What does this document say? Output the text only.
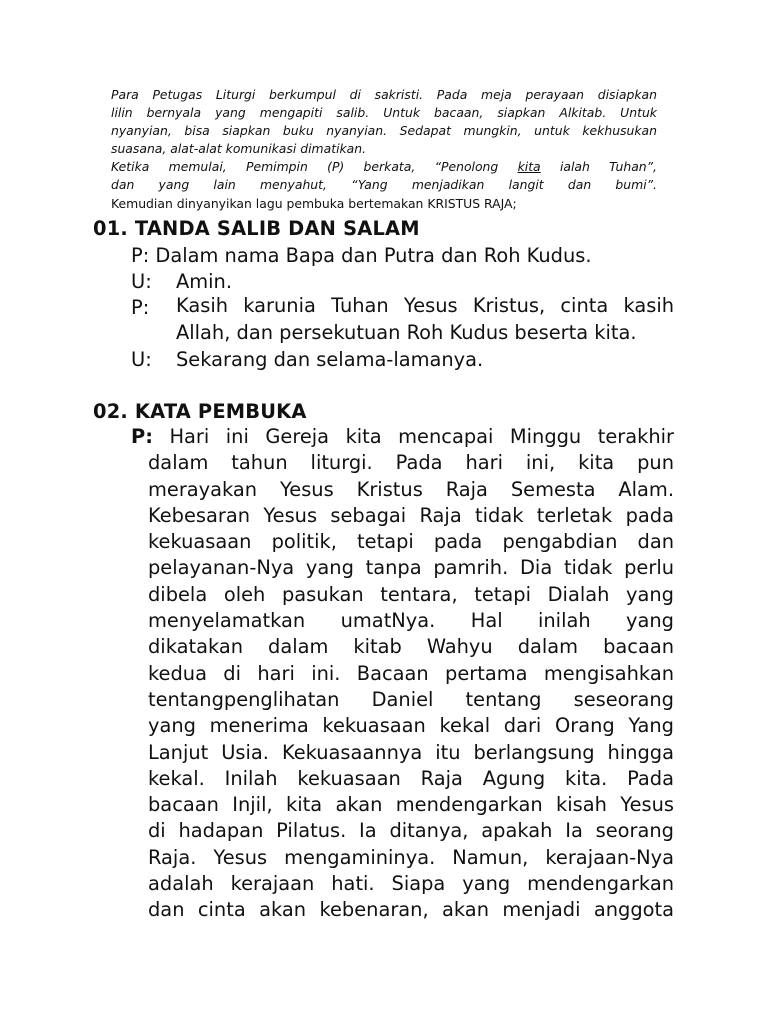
Para Petugas Liturgi berkumpul di sakristi. Pada meja perayaan disiapkan

lilin bernyala yang mengapiti salib. Untuk bacaan, siapkan Alkitab. Untuk

nyanyian, bisa siapkan buku nyanyian. Sedapat mungkin, untuk kekhusukan

suasana, alat-alat komunikasi dimatikan.

Ketika memulai, Pemimpin (P) berkata, “Penolong kita ialah Tuhan”,

dan yang lain menyahut, “Yang menjadikan langit dan bumi”.

Kemudian dinyanyikan lagu pembuka bertemakan KRISTUS RAJA;

01. TANDA SALIB DAN SALAM
P: Dalam nama Bapa dan Putra dan Roh Kudus.
U: Amin.
P: Kasih karunia Tuhan Yesus Kristus, cinta kasih
Allah, dan persekutuan Roh Kudus beserta kita.
U: Sekarang dan selama-lamanya.
02. KATA PEMBUKA

P: Hari ini Gereja kita mencapai Minggu terakhir

dalam tahun liturgi. Pada hari ini, kita pun

merayakan Yesus Kristus Raja Semesta Alam.

Kebesaran Yesus sebagai Raja tidak terletak pada

kekuasaan politik, tetapi pada pengabdian dan

pelayanan-Nya yang tanpa pamrih. Dia tidak perlu

dibela oleh pasukan tentara, tetapi Dialah yang

menyelamatkan umatNya. Hal inilah yang

dikatakan dalam kitab Wahyu dalam bacaan

kedua di hari ini. Bacaan pertama mengisahkan

tentangpenglihatan Daniel tentang seseorang

yang menerima kekuasaan kekal dari Orang Yang

Lanjut Usia. Kekuasaannya itu berlangsung hingga

kekal. Inilah kekuasaan Raja Agung kita. Pada

bacaan Injil, kita akan mendengarkan kisah Yesus

di hadapan Pilatus. Ia ditanya, apakah Ia seorang

Raja. Yesus mengamininya. Namun, kerajaan-Nya

adalah kerajaan hati. Siapa yang mendengarkan

dan cinta akan kebenaran, akan menjadi anggota
